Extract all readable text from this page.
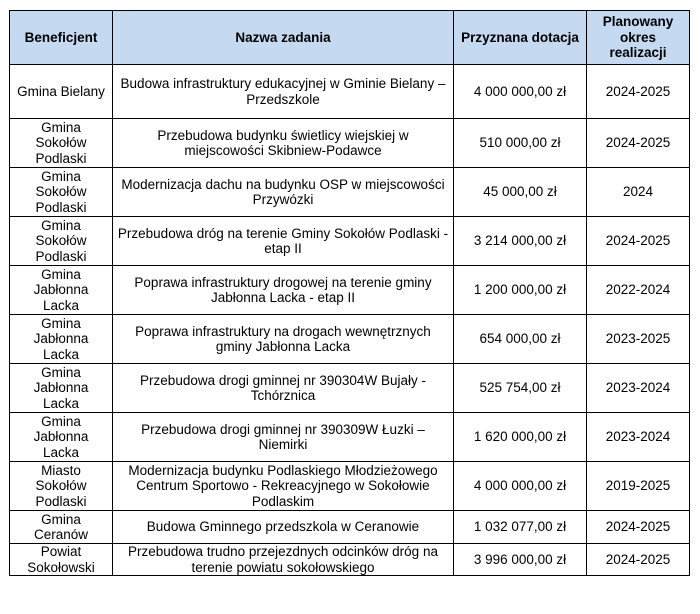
Beneficjent	Nazwa zadania	Przyznana dotacja	Planowany okres realizacji
Gmina Bielany	Budowa infrastruktury edukacyjnej w Gminie Bielany – Przedszkole	4 000 000,00 zł	2024-2025
Gmina Sokołów Podlaski	Przebudowa budynku świetlicy wiejskiej w miejscowości Skibniew-Podawce	510 000,00 zł	2024-2025
Gmina Sokołów Podlaski	Modernizacja dachu na budynku OSP w miejscowości Przywózki	45 000,00 zł	2024
Gmina Sokołów Podlaski	Przebudowa dróg na terenie Gminy Sokołów Podlaski - etap II	3 214 000,00 zł	2024-2025
Gmina Jabłonna Lacka	Poprawa infrastruktury drogowej na terenie gminy Jabłonna Lacka - etap II	1 200 000,00 zł	2022-2024
Gmina Jabłonna Lacka	Poprawa infrastruktury na drogach wewnętrznych gminy Jabłonna Lacka	654 000,00 zł	2023-2025
Gmina Jabłonna Lacka	Przebudowa drogi gminnej nr 390304W Bujały - Tchórznica	525 754,00 zł	2023-2024
Gmina Jabłonna Lacka	Przebudowa drogi gminnej nr 390309W Łuzki – Niemirki	1 620 000,00 zł	2023-2024
Miasto Sokołów Podlaski	Modernizacja budynku Podlaskiego Młodzieżowego Centrum Sportowo - Rekreacyjnego w Sokołowie Podlaskim	4 000 000,00 zł	2019-2025
Gmina Ceranów	Budowa Gminnego przedszkola w Ceranowie	1 032 077,00 zł	2024-2025
Powiat Sokołowski	Przebudowa trudno przejezdnych odcinków dróg na terenie powiatu sokołowskiego	3 996 000,00 zł	2024-2025
